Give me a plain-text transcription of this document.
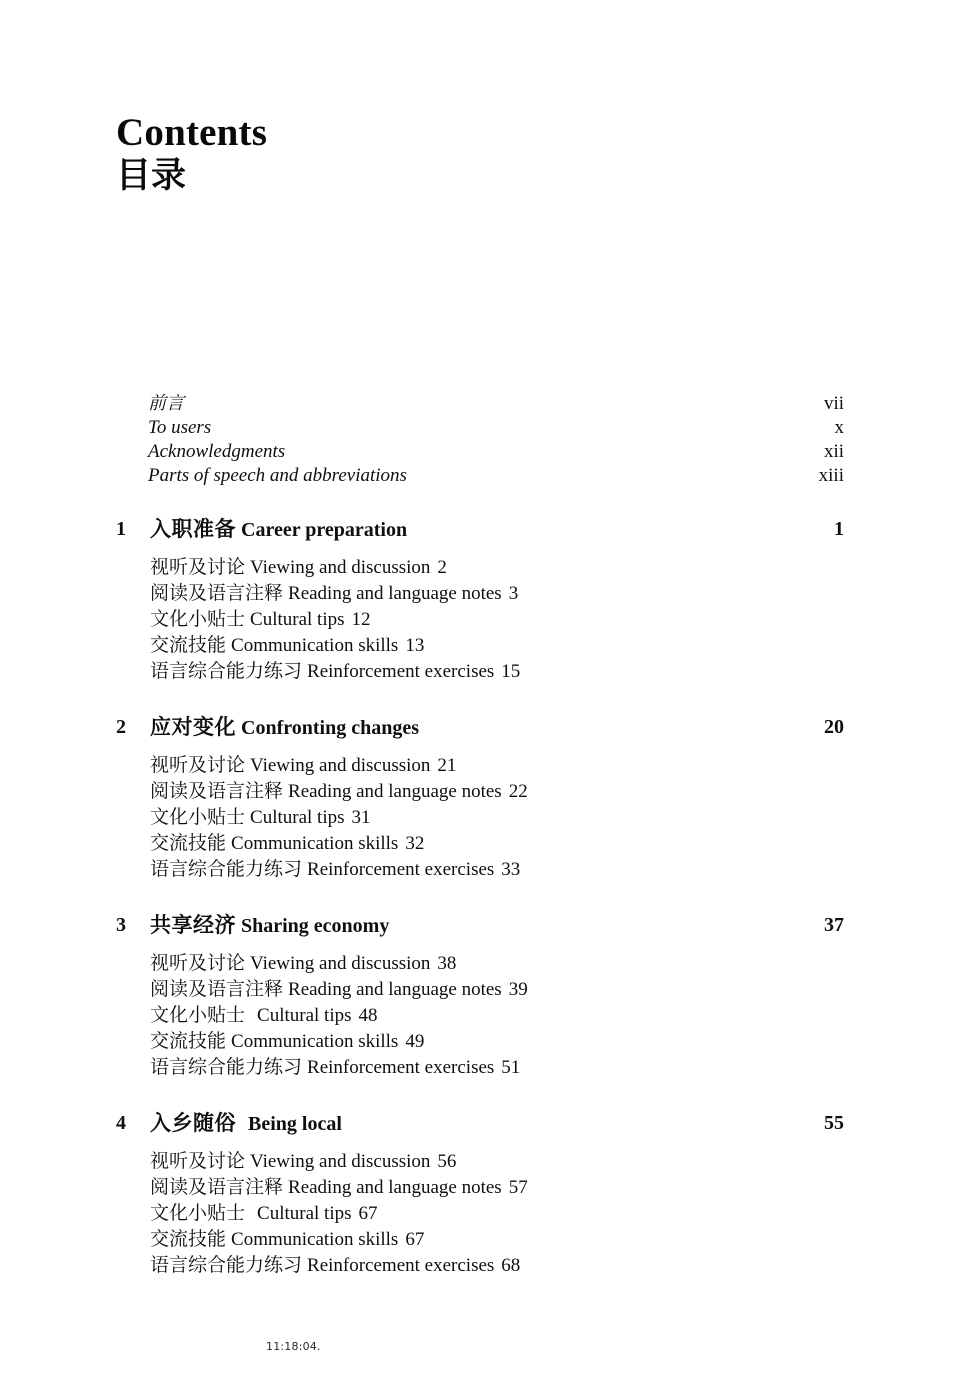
Contents
目录
前言	vii
To users	x
Acknowledgments	xii
Parts of speech and abbreviations	xiii
1 入职准备 Career preparation	1
视听及讨论 Viewing and discussion 2
阅读及语言注释 Reading and language notes 3
文化小贴士 Cultural tips 12
交流技能 Communication skills 13
语言综合能力练习 Reinforcement exercises 15
2 应对变化 Confronting changes	20
视听及讨论 Viewing and discussion 21
阅读及语言注释 Reading and language notes 22
文化小贴士 Cultural tips 31
交流技能 Communication skills 32
语言综合能力练习 Reinforcement exercises 33
3 共享经济 Sharing economy	37
视听及讨论 Viewing and discussion 38
阅读及语言注释 Reading and language notes 39
文化小贴士 Cultural tips 48
交流技能 Communication skills 49
语言综合能力练习 Reinforcement exercises 51
4 入乡随俗 Being local	55
视听及讨论 Viewing and discussion 56
阅读及语言注释 Reading and language notes 57
文化小贴士 Cultural tips 67
交流技能 Communication skills 67
语言综合能力练习 Reinforcement exercises 68
11:18:04.
